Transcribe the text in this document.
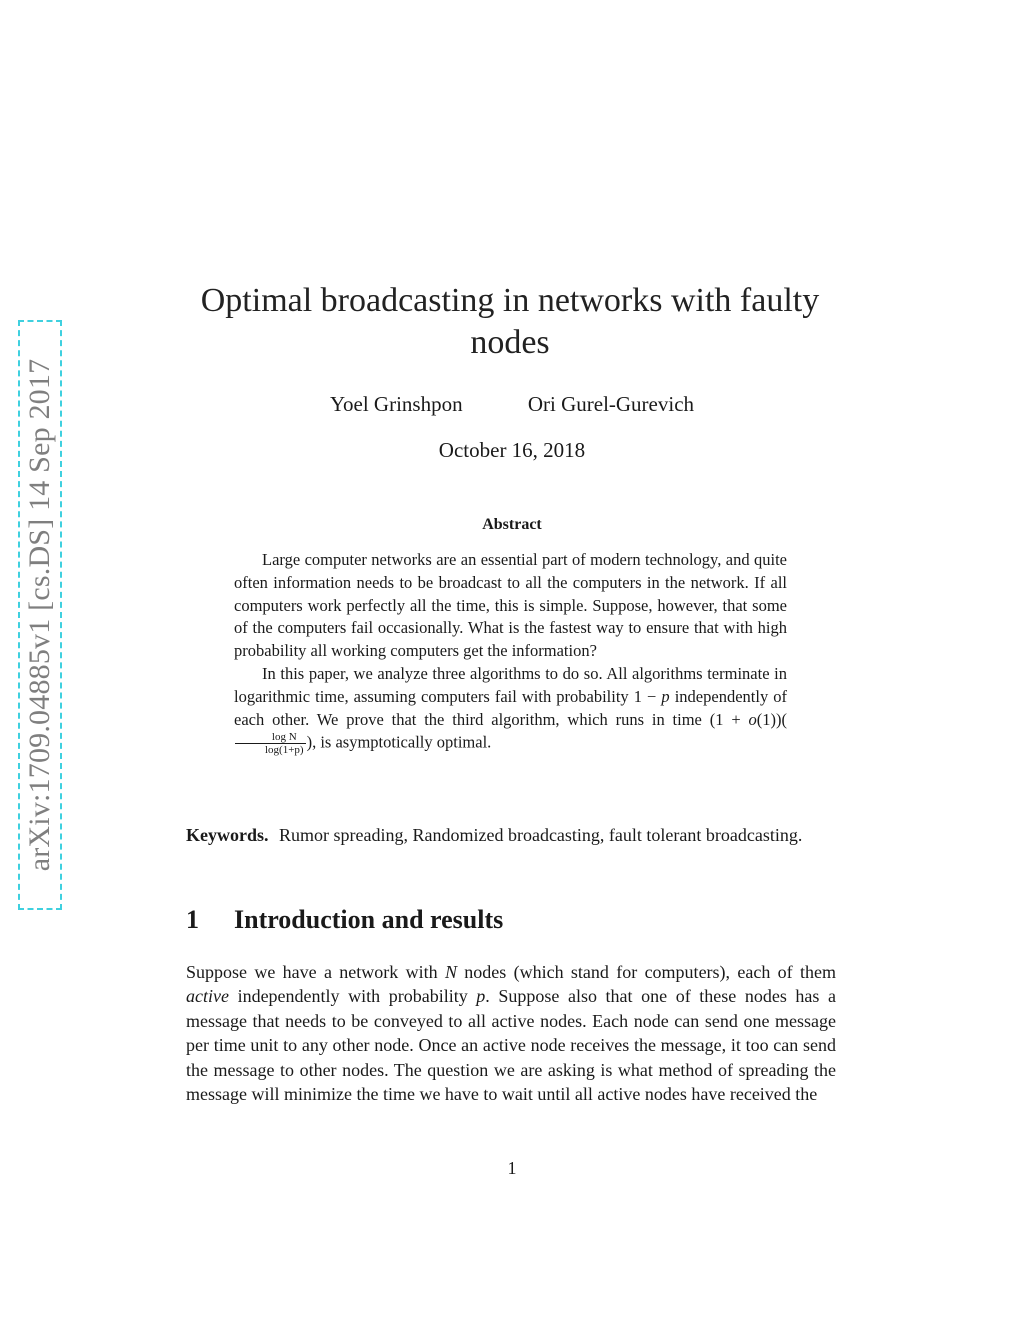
arXiv:1709.04885v1 [cs.DS] 14 Sep 2017
Optimal broadcasting in networks with faulty nodes
Yoel Grinshpon	Ori Gurel-Gurevich
October 16, 2018
Abstract

Large computer networks are an essential part of modern technology, and quite often information needs to be broadcast to all the computers in the network. If all computers work perfectly all the time, this is simple. Suppose, however, that some of the computers fail occasionally. What is the fastest way to ensure that with high probability all working computers get the information?

In this paper, we analyze three algorithms to do so. All algorithms terminate in logarithmic time, assuming computers fail with probability 1 − p independently of each other. We prove that the third algorithm, which runs in time (1 + o(1))(
$\frac{\text{log N}}{\log(1+p)}$ ), is asymptotically optimal.

Keywords. Rumor spreading, Randomized broadcasting, fault tolerant broadcasting.
1 Introduction and results

Suppose we have a network with N nodes (which stand for computers), each of them active independently with probability p. Suppose also that one of these nodes has a message that needs to be conveyed to all active nodes. Each node can send one message per time unit to any other node. Once an active node receives the message, it too can send the message to other nodes. The question we are asking is what method of spreading the message will minimize the time we have to wait until all active nodes have received the

1
